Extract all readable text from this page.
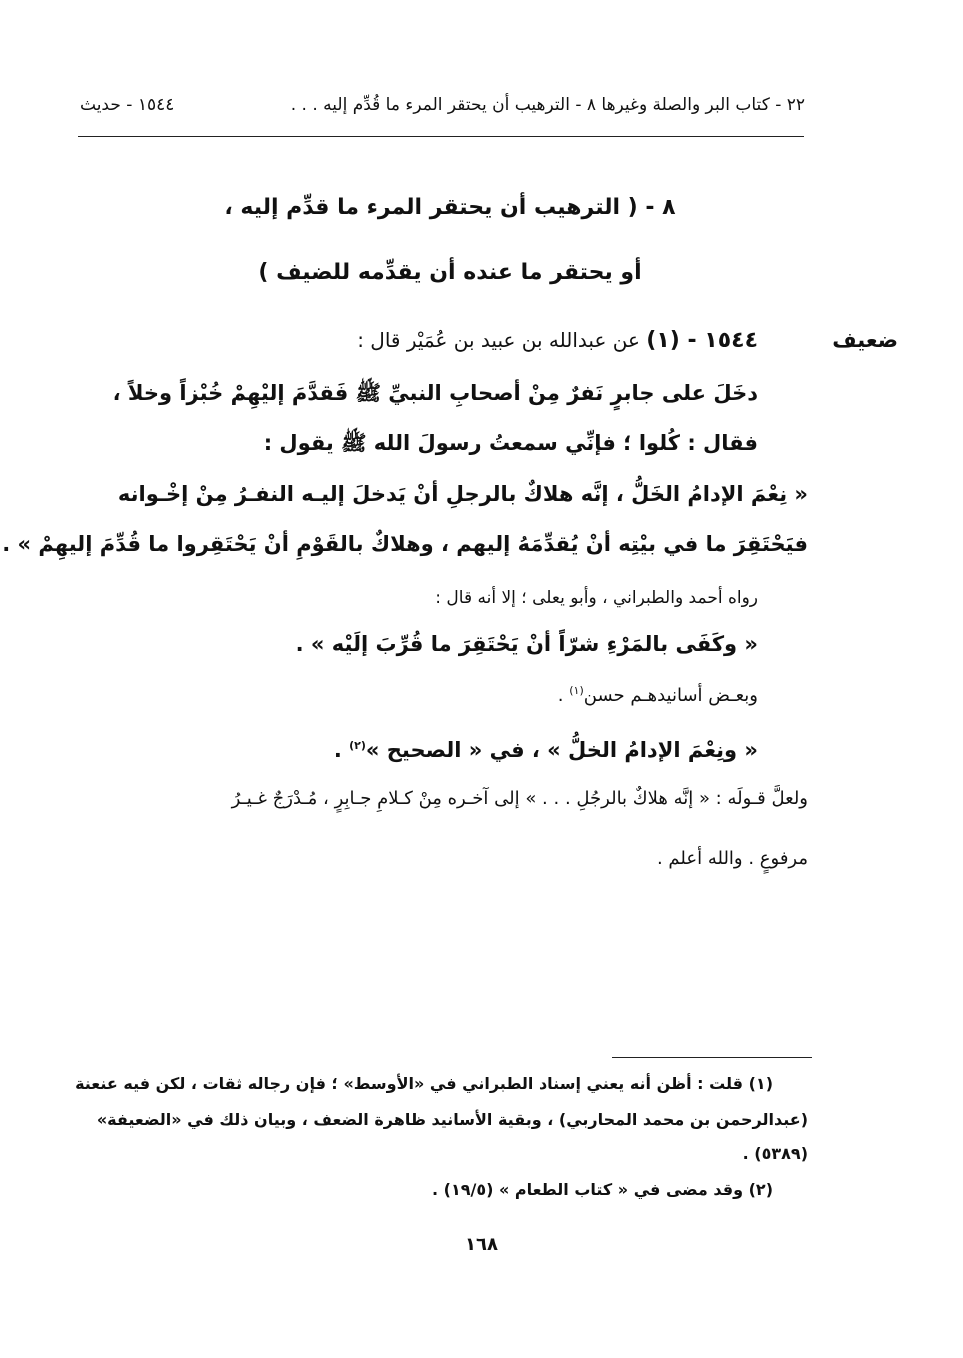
٢٢ - كتاب البر والصلة وغيرها ٨ - الترهيب أن يحتقر المرء ما قُدِّم إليه . . .
١٥٤٤ - حديث
٨ - ( الترهيب أن يحتقر المرء ما قدِّم إليه ،
أو يحتقر ما عنده أن يقدِّمه للضيف )
ضعيف
١٥٤٤ - (١) عن عبدالله بن عبيد بن عُمَيْر قال :
دخَلَ على جابرٍ نَفرٌ مِنْ أصحابِ النبيِّ ﷺ فَقدَّمَ إليْهِمْ خُبْزاً وخلاً ،
فقال : كُلوا ؛ فإنِّي سمعتُ رسولَ الله ﷺ يقول :
« نِعْمَ الإدامُ الخَلُّ ، إنَّه هلاكٌ بالرجلِ أنْ يَدخلَ إليـه النفـرُ مِنْ إخْـوانه
فيَحْتَقِرَ ما في بيْتِه أنْ يُقدِّمَهُ إليهم ، وهلاكٌ بالقَوْمِ أنْ يَحْتَقِروا ما قُدِّمَ إليهِمْ » .
رواه أحمد والطبراني ، وأبو يعلى ؛ إلا أنه قال :
« وكَفَى بالمَرْءِ شرّاً أنْ يَحْتَقِرَ ما قُرِّبَ إلَيْه » .
وبعـض أسانيدهـم حسن$^{(١)}$ .
« ونِعْمَ الإدامُ الخلُّ » ، في « الصحيح »$^{(٢)}$ .
ولعلَّ قـولَه : « إنَّه هلاكٌ بالرجُلِ . . . » إلى آخـره مِنْ كـلامِ جـابِرٍ ، مُـدْرَجٌ غـيـرُ
مرفوعٍ . والله أعلم .
(١) قلت : أظن أنه يعني إسناد الطبراني في «الأوسط» ؛ فإن رجاله ثقات ، لكن فيه عنعنة
(عبدالرحمن بن محمد المحاربي) ، وبقية الأسانيد ظاهرة الضعف ، وبيان ذلك في «الضعيفة»
(٥٣٨٩) .
(٢) وقد مضى في « كتاب الطعام » (١٩/٥) .
١٦٨
